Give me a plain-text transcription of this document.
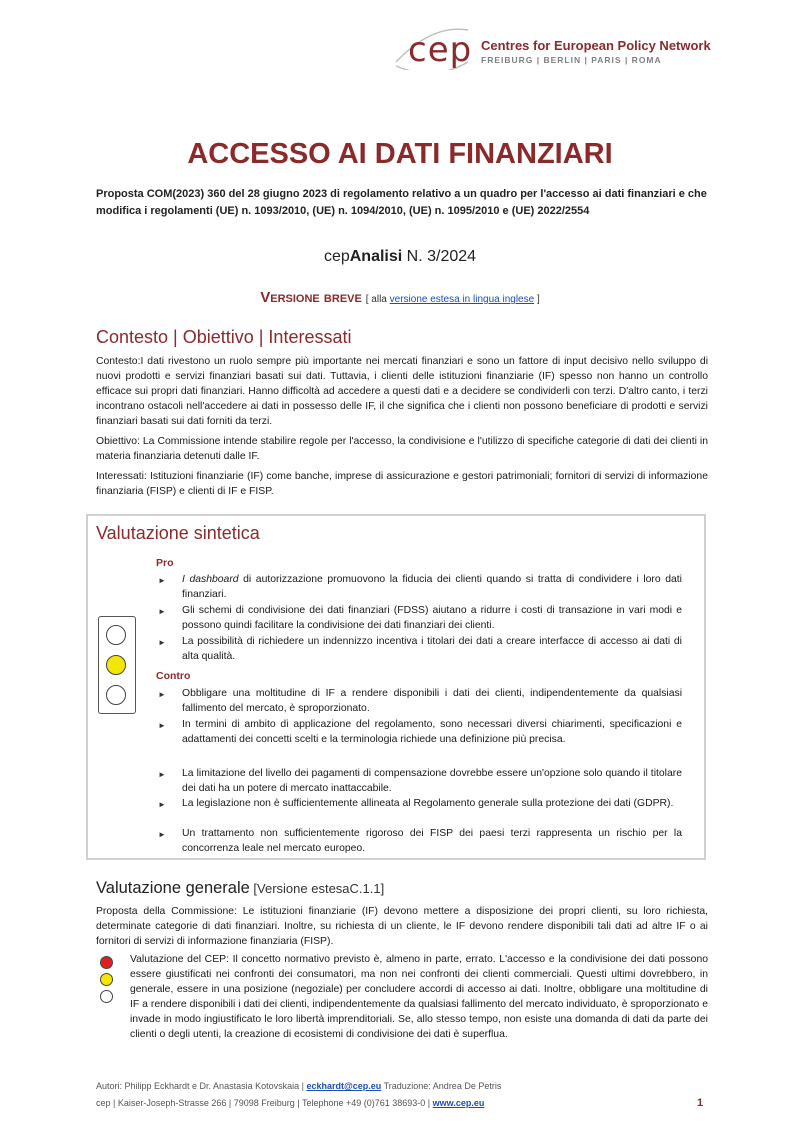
cep Centres for European Policy Network
FREIBURG | BERLIN | PARIS | ROMA
ACCESSO AI DATI FINANZIARI
Proposta COM(2023) 360 del 28 giugno 2023 di regolamento relativo a un quadro per l'accesso ai dati finanziari e che modifica i regolamenti (UE) n. 1093/2010, (UE) n. 1094/2010, (UE) n. 1095/2010 e (UE) 2022/2554
cepAnalisi N. 3/2024
Versione breve [ alla versione estesa in lingua inglese ]
Contesto | Obiettivo | Interessati
Contesto:I dati rivestono un ruolo sempre più importante nei mercati finanziari e sono un fattore di input decisivo nello sviluppo di nuovi prodotti e servizi finanziari basati sui dati. Tuttavia, i clienti delle istituzioni finanziarie (IF) spesso non hanno un controllo efficace sui propri dati finanziari. Hanno difficoltà ad accedere a questi dati e a decidere se condividerli con terzi. D'altro canto, i terzi incontrano ostacoli nell'accedere ai dati in possesso delle IF, il che significa che i clienti non possono beneficiare di prodotti e servizi finanziari basati sui dati forniti da terzi.
Obiettivo: La Commissione intende stabilire regole per l'accesso, la condivisione e l'utilizzo di specifiche categorie di dati dei clienti in materia finanziaria detenuti dalle IF.
Interessati: Istituzioni finanziarie (IF) come banche, imprese di assicurazione e gestori patrimoniali; fornitori di servizi di informazione finanziaria (FISP) e clienti di IF e FISP.
Valutazione sintetica
Pro
► I dashboard di autorizzazione promuovono la fiducia dei clienti quando si tratta di condividere i loro dati finanziari.
► Gli schemi di condivisione dei dati finanziari (FDSS) aiutano a ridurre i costi di transazione in vari modi e possono quindi facilitare la condivisione dei dati finanziari dei clienti.
► La possibilità di richiedere un indennizzo incentiva i titolari dei dati a creare interfacce di accesso ai dati di alta qualità.
Contro
► Obbligare una moltitudine di IF a rendere disponibili i dati dei clienti, indipendentemente da qualsiasi fallimento del mercato, è sproporzionato.
► In termini di ambito di applicazione del regolamento, sono necessari diversi chiarimenti, specificazioni e adattamenti dei concetti scelti e la terminologia richiede una definizione più precisa.
► La limitazione del livello dei pagamenti di compensazione dovrebbe essere un'opzione solo quando il titolare dei dati ha un potere di mercato inattaccabile.
► La legislazione non è sufficientemente allineata al Regolamento generale sulla protezione dei dati (GDPR).
► Un trattamento non sufficientemente rigoroso dei FISP dei paesi terzi rappresenta un rischio per la concorrenza leale nel mercato europeo.
Valutazione generale [Versione estesaC.1.1]
Proposta della Commissione: Le istituzioni finanziarie (IF) devono mettere a disposizione dei propri clienti, su loro richiesta, determinate categorie di dati finanziari. Inoltre, su richiesta di un cliente, le IF devono rendere disponibili tali dati ad altre IF o ai fornitori di servizi di informazione finanziaria (FISP).
Valutazione del CEP: Il concetto normativo previsto è, almeno in parte, errato. L'accesso e la condivisione dei dati possono essere giustificati nei confronti dei consumatori, ma non nei confronti dei clienti commerciali. Questi ultimi dovrebbero, in generale, essere in una posizione (negoziale) per concludere accordi di accesso ai dati. Inoltre, obbligare una moltitudine di IF a rendere disponibili i dati dei clienti, indipendentemente da qualsiasi fallimento del mercato individuato, è sproporzionato e invade in modo ingiustificato le loro libertà imprenditoriali. Se, allo stesso tempo, non esiste una domanda di dati da parte dei clienti o degli utenti, la creazione di ecosistemi di condivisione dei dati è superflua.
Autori: Philipp Eckhardt e Dr. Anastasia Kotovskaia | eckhardt@cep.eu Traduzione: Andrea De Petris
cep | Kaiser-Joseph-Strasse 266 | 79098 Freiburg | Telephone +49 (0)761 38693-0 | www.cep.eu	1
